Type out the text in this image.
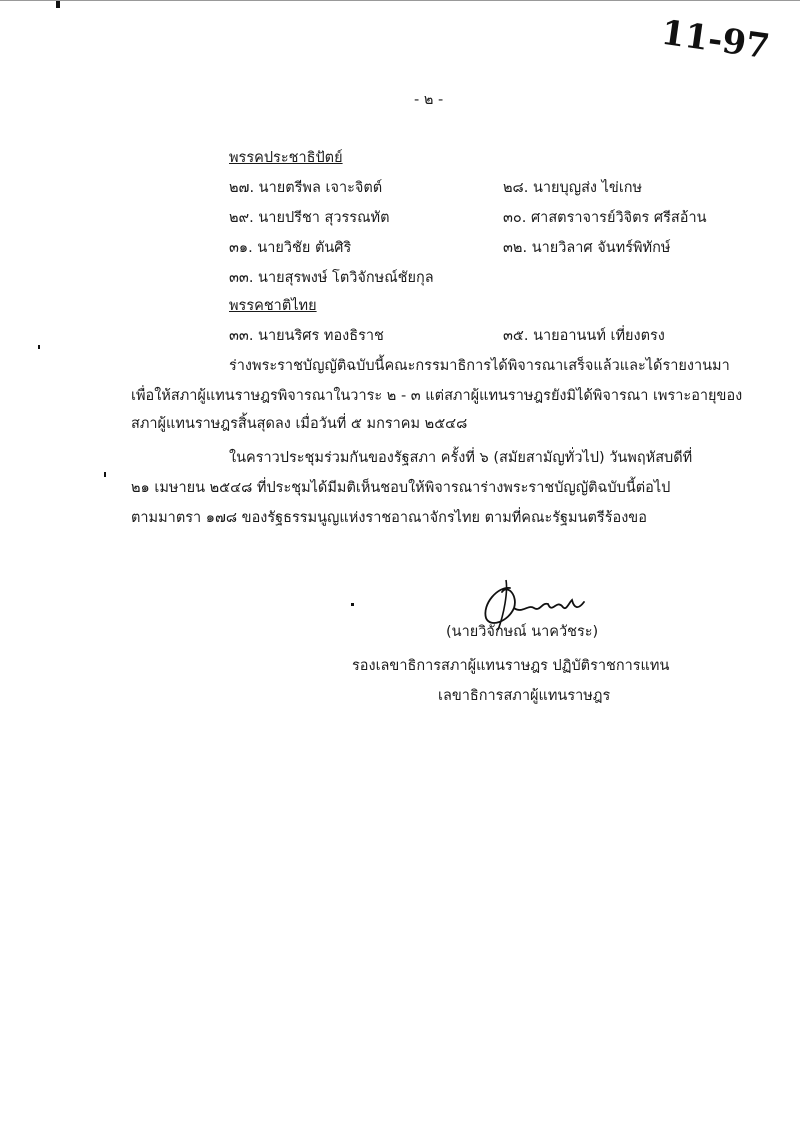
11-97
- ๒ -
พรรคประชาธิปัตย์
๒๗. นายตรีพล เจาะจิตต์	๒๘. นายบุญส่ง ไข่เกษ
๒๙. นายปรีชา สุวรรณทัต	๓๐. ศาสตราจารย์วิจิตร ศรีสอ้าน
๓๑. นายวิชัย ตันศิริ	๓๒. นายวิลาศ จันทร์พิทักษ์
๓๓. นายสุรพงษ์ โตวิจักษณ์ชัยกุล
พรรคชาติไทย
๓๓. นายนริศร ทองธิราช	๓๕. นายอานนท์ เที่ยงตรง
ร่างพระราชบัญญัติฉบับนี้คณะกรรมาธิการได้พิจารณาเสร็จแล้วและได้รายงานมา
เพื่อให้สภาผู้แทนราษฎรพิจารณาในวาระ ๒ - ๓ แต่สภาผู้แทนราษฎรยังมิได้พิจารณา เพราะอายุของ
สภาผู้แทนราษฎรสิ้นสุดลง เมื่อวันที่ ๕ มกราคม ๒๕๔๘
ในคราวประชุมร่วมกันของรัฐสภา ครั้งที่ ๖ (สมัยสามัญทั่วไป) วันพฤหัสบดีที่
๒๑ เมษายน ๒๕๔๘ ที่ประชุมได้มีมติเห็นชอบให้พิจารณาร่างพระราชบัญญัติฉบับนี้ต่อไป
ตามมาตรา ๑๗๘ ของรัฐธรรมนูญแห่งราชอาณาจักรไทย ตามที่คณะรัฐมนตรีร้องขอ
(นายวิจักษณ์ นาควัชระ)
รองเลขาธิการสภาผู้แทนราษฎร ปฏิบัติราชการแทน
เลขาธิการสภาผู้แทนราษฎร
